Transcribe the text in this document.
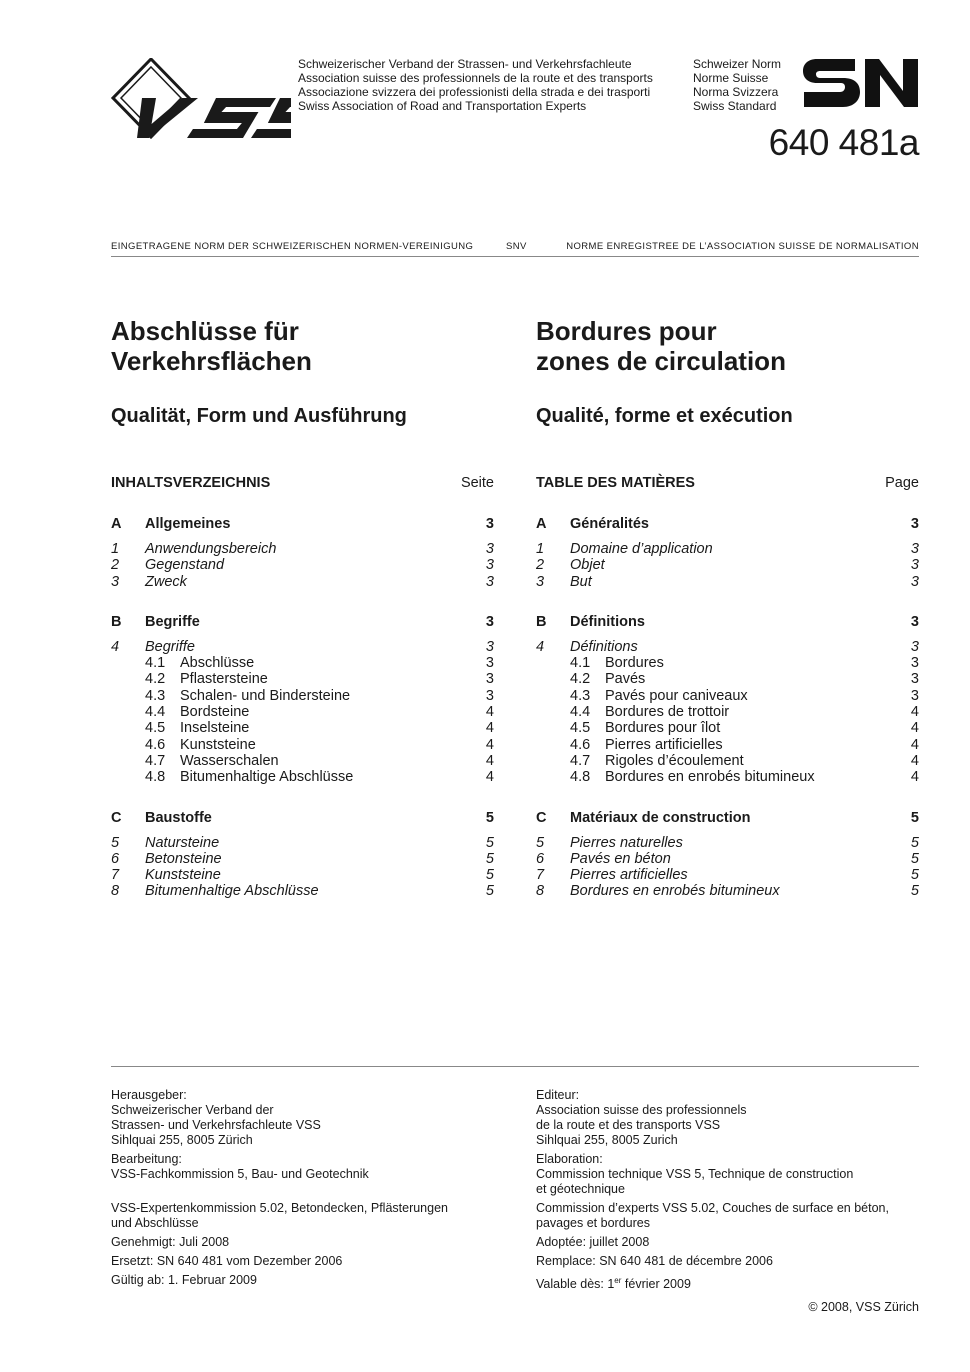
VSS	Schweizerischer Verband der Strassen- und Verkehrsfachleute
Association suisse des professionnels de la route et des transports
Associazione svizzera dei professionisti della strada e dei trasporti
Swiss Association of Road and Transportation Experts
Schweizer Norm
Norme Suisse
Norma Svizzera
Swiss Standard
SN
640 481a
EINGETRAGENE NORM DER SCHWEIZERISCHEN NORMEN-VEREINIGUNG	SNV	NORME ENREGISTREE DE L’ASSOCIATION SUISSE DE NORMALISATION
Abschlüsse für
Verkehrsflächen
Qualität, Form und Ausführung
INHALTSVERZEICHNIS	Seite
A	Allgemeines	3
1	Anwendungsbereich	3
2	Gegenstand	3
3	Zweck	3
B	Begriffe	3
4	Begriffe	3
4.1	Abschlüsse	3
4.2	Pflastersteine	3
4.3	Schalen- und Bindersteine	3
4.4	Bordsteine	4
4.5	Inselsteine	4
4.6	Kunststeine	4
4.7	Wasserschalen	4
4.8	Bitumenhaltige Abschlüsse	4
C	Baustoffe	5
5	Natursteine	5
6	Betonsteine	5
7	Kunststeine	5
8	Bitumenhaltige Abschlüsse	5
Bordures pour
zones de circulation
Qualité, forme et exécution
TABLE DES MATIÈRES	Page
A	Généralités	3
1	Domaine d’application	3
2	Objet	3
3	But	3
B	Définitions	3
4	Définitions	3
4.1	Bordures	3
4.2	Pavés	3
4.3	Pavés pour caniveaux	3
4.4	Bordures de trottoir	4
4.5	Bordures pour îlot	4
4.6	Pierres artificielles	4
4.7	Rigoles d’écoulement	4
4.8	Bordures en enrobés bitumineux	4
C	Matériaux de construction	5
5	Pierres naturelles	5
6	Pavés en béton	5
7	Pierres artificielles	5
8	Bordures en enrobés bitumineux	5
Herausgeber:
Schweizerischer Verband der
Strassen- und Verkehrsfachleute VSS
Sihlquai 255, 8005 Zürich
Bearbeitung:
VSS-Fachkommission 5, Bau- und Geotechnik
VSS-Expertenkommission 5.02, Betondecken, Pflästerungen
und Abschlüsse
Genehmigt: Juli 2008
Ersetzt: SN 640 481 vom Dezember 2006
Gültig ab: 1. Februar 2009
Editeur:
Association suisse des professionnels
de la route et des transports VSS
Sihlquai 255, 8005 Zurich
Elaboration:
Commission technique VSS 5, Technique de construction
et géotechnique
Commission d’experts VSS 5.02, Couches de surface en béton,
pavages et bordures
Adoptée: juillet 2008
Remplace: SN 640 481 de décembre 2006
Valable dès: 1er février 2009
© 2008, VSS Zürich
